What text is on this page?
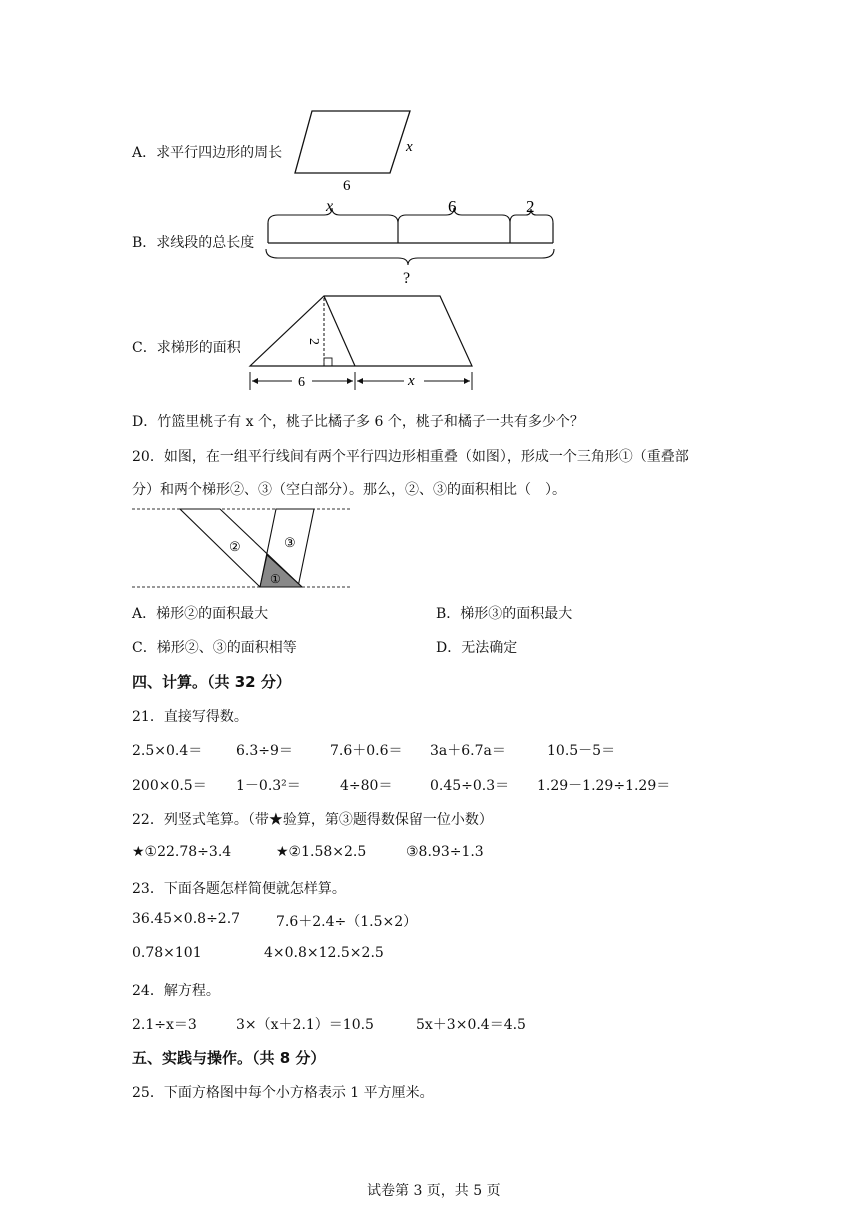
A．求平行四边形的周长	x
6
B．求线段的总长度
x	6	2
?
C．求梯形的面积	2
6	x
D．竹篮里桃子有 x 个，桃子比橘子多 6 个，桃子和橘子一共有多少个？
20．如图，在一组平行线间有两个平行四边形相重叠（如图），形成一个三角形①（重叠部
分）和两个梯形②、③（空白部分）。那么，②、③的面积相比（　）。
②	③
①
A．梯形②的面积最大	B．梯形③的面积最大
C．梯形②、③的面积相等	D．无法确定
四、计算。（共 32 分）
21．直接写得数。
2.5×0.4＝ 6.3÷9＝	7.6＋0.6＝ 3a＋6.7a＝	10.5－5＝
200×0.5＝ 1－0.3²＝	4÷80＝	0.45÷0.3＝ 1.29－1.29÷1.29＝
22．列竖式笔算。（带★验算，第③题得数保留一位小数）
★①22.78÷3.4	★②1.58×2.5	③8.93÷1.3
23．下面各题怎样简便就怎样算。
36.45×0.8÷2.7	7.6＋2.4÷（1.5×2）
0.78×101	4×0.8×12.5×2.5
24．解方程。
2.1÷x＝3	3×（x＋2.1）＝10.5	5x＋3×0.4＝4.5
五、实践与操作。（共 8 分）
25．下面方格图中每个小方格表示 1 平方厘米。
试卷第 3 页，共 5 页
